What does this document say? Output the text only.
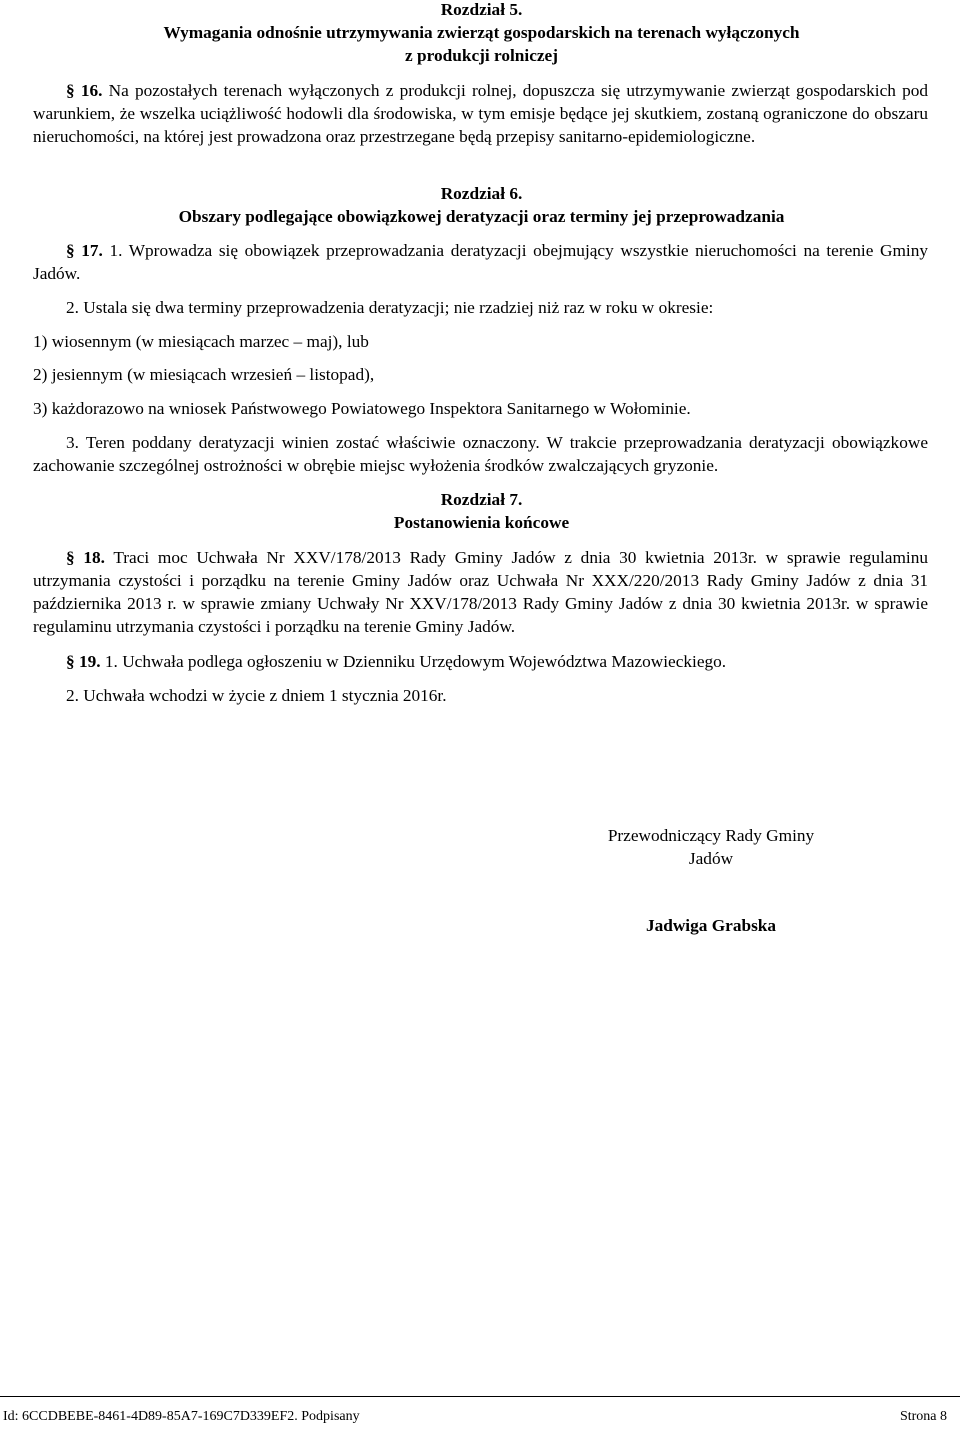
Rozdział 5.

Wymagania odnośnie utrzymywania zwierząt gospodarskich na terenach wyłączonych

z produkcji rolniczej

§ 16. Na pozostałych terenach wyłączonych z produkcji rolnej, dopuszcza się utrzymywanie zwierząt gospodarskich pod warunkiem, że wszelka uciążliwość hodowli dla środowiska, w tym emisje będące jej skutkiem, zostaną ograniczone do obszaru nieruchomości, na której jest prowadzona oraz przestrzegane będą przepisy sanitarno-epidemiologiczne.

Rozdział 6.

Obszary podlegające obowiązkowej deratyzacji oraz terminy jej przeprowadzania

§ 17. 1. Wprowadza się obowiązek przeprowadzania deratyzacji obejmujący wszystkie nieruchomości na terenie Gminy Jadów.

2. Ustala się dwa terminy przeprowadzenia deratyzacji; nie rzadziej niż raz w roku w okresie:

1) wiosennym (w miesiącach marzec – maj), lub

2) jesiennym (w miesiącach wrzesień – listopad),

3) każdorazowo na wniosek Państwowego Powiatowego Inspektora Sanitarnego w Wołominie.

3. Teren poddany deratyzacji winien zostać właściwie oznaczony. W trakcie przeprowadzania deratyzacji obowiązkowe zachowanie szczególnej ostrożności w obrębie miejsc wyłożenia środków zwalczających gryzonie.

Rozdział 7.

Postanowienia końcowe

§ 18. Traci moc Uchwała Nr XXV/178/2013 Rady Gminy Jadów z dnia 30 kwietnia 2013r. w sprawie regulaminu utrzymania czystości i porządku na terenie Gminy Jadów oraz Uchwała Nr XXX/220/2013 Rady Gminy Jadów z dnia 31 października 2013 r. w sprawie zmiany Uchwały Nr XXV/178/2013 Rady Gminy Jadów z dnia 30 kwietnia 2013r. w sprawie regulaminu utrzymania czystości i porządku na terenie Gminy Jadów.

§ 19. 1. Uchwała podlega ogłoszeniu w Dzienniku Urzędowym Województwa Mazowieckiego.

2. Uchwała wchodzi w życie z dniem 1 stycznia 2016r.

Przewodniczący Rady Gminy
Jadów
Jadwiga Grabska
Id: 6CCDBEBE-8461-4D89-85A7-169C7D339EF2. Podpisany	Strona 8
